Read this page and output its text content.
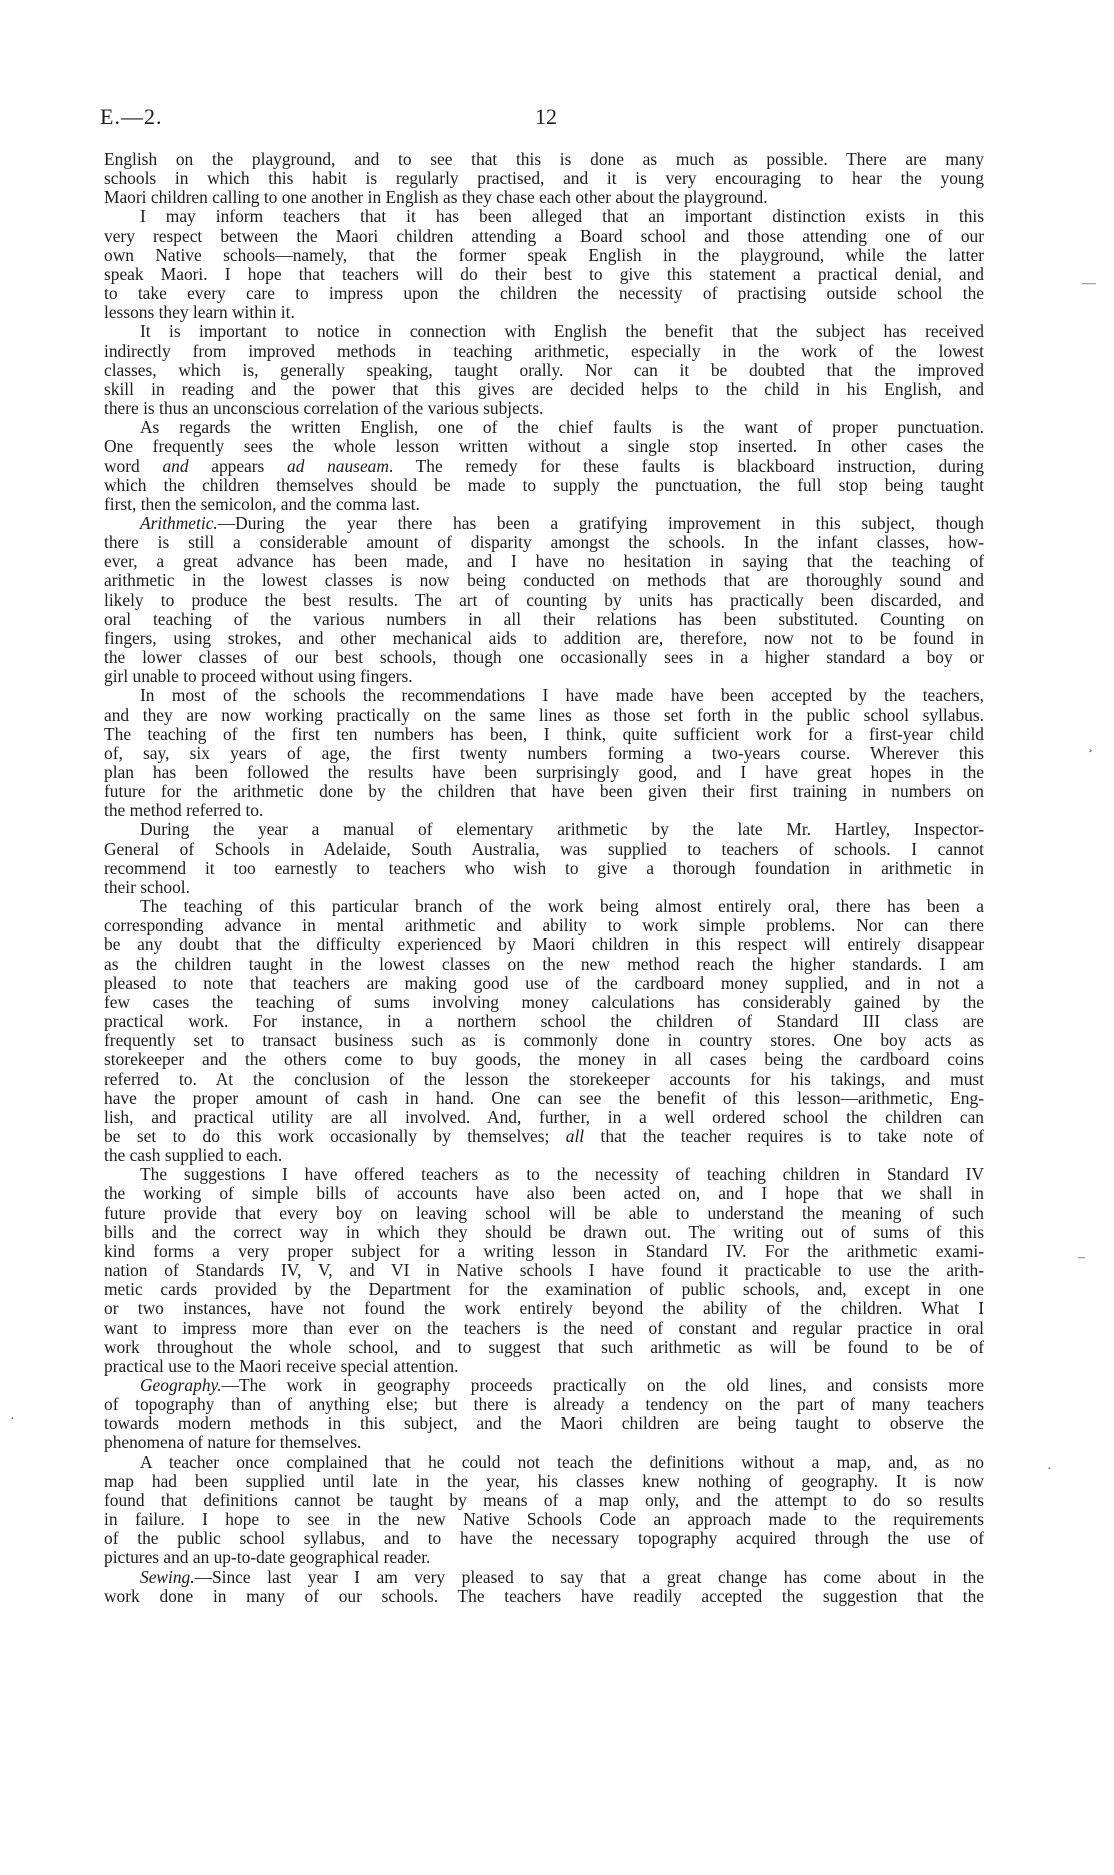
E.—2.	12
English on the playground, and to see that this is done as much as possible. There are many
schools in which this habit is regularly practised, and it is very encouraging to hear the young
Maori children calling to one another in English as they chase each other about the playground.
I may inform teachers that it has been alleged that an important distinction exists in this
very respect between the Maori children attending a Board school and those attending one of our
own Native schools—namely, that the former speak English in the playground, while the latter
speak Maori. I hope that teachers will do their best to give this statement a practical denial, and
to take every care to impress upon the children the necessity of practising outside school the
lessons they learn within it.
It is important to notice in connection with English the benefit that the subject has received
indirectly from improved methods in teaching arithmetic, especially in the work of the lowest
classes, which is, generally speaking, taught orally. Nor can it be doubted that the improved
skill in reading and the power that this gives are decided helps to the child in his English, and
there is thus an unconscious correlation of the various subjects.
As regards the written English, one of the chief faults is the want of proper punctuation.
One frequently sees the whole lesson written without a single stop inserted. In other cases the
word and appears ad nauseam. The remedy for these faults is blackboard instruction, during
which the children themselves should be made to supply the punctuation, the full stop being taught
first, then the semicolon, and the comma last.
Arithmetic.—During the year there has been a gratifying improvement in this subject, though
there is still a considerable amount of disparity amongst the schools. In the infant classes, how-
ever, a great advance has been made, and I have no hesitation in saying that the teaching of
arithmetic in the lowest classes is now being conducted on methods that are thoroughly sound and
likely to produce the best results. The art of counting by units has practically been discarded, and
oral teaching of the various numbers in all their relations has been substituted. Counting on
fingers, using strokes, and other mechanical aids to addition are, therefore, now not to be found in
the lower classes of our best schools, though one occasionally sees in a higher standard a boy or
girl unable to proceed without using fingers.
In most of the schools the recommendations I have made have been accepted by the teachers,
and they are now working practically on the same lines as those set forth in the public school syllabus.
The teaching of the first ten numbers has been, I think, quite sufficient work for a first-year child
of, say, six years of age, the first twenty numbers forming a two-years course. Wherever this
plan has been followed the results have been surprisingly good, and I have great hopes in the
future for the arithmetic done by the children that have been given their first training in numbers on
the method referred to.
During the year a manual of elementary arithmetic by the late Mr. Hartley, Inspector-
General of Schools in Adelaide, South Australia, was supplied to teachers of schools. I cannot
recommend it too earnestly to teachers who wish to give a thorough foundation in arithmetic in
their school.
The teaching of this particular branch of the work being almost entirely oral, there has been a
corresponding advance in mental arithmetic and ability to work simple problems. Nor can there
be any doubt that the difficulty experienced by Maori children in this respect will entirely disappear
as the children taught in the lowest classes on the new method reach the higher standards. I am
pleased to note that teachers are making good use of the cardboard money supplied, and in not a
few cases the teaching of sums involving money calculations has considerably gained by the
practical work. For instance, in a northern school the children of Standard III class are
frequently set to transact business such as is commonly done in country stores. One boy acts as
storekeeper and the others come to buy goods, the money in all cases being the cardboard coins
referred to. At the conclusion of the lesson the storekeeper accounts for his takings, and must
have the proper amount of cash in hand. One can see the benefit of this lesson—arithmetic, Eng-
lish, and practical utility are all involved. And, further, in a well ordered school the children can
be set to do this work occasionally by themselves; all that the teacher requires is to take note of
the cash supplied to each.
The suggestions I have offered teachers as to the necessity of teaching children in Standard IV
the working of simple bills of accounts have also been acted on, and I hope that we shall in
future provide that every boy on leaving school will be able to understand the meaning of such
bills and the correct way in which they should be drawn out. The writing out of sums of this
kind forms a very proper subject for a writing lesson in Standard IV. For the arithmetic exami-
nation of Standards IV, V, and VI in Native schools I have found it practicable to use the arith-
metic cards provided by the Department for the examination of public schools, and, except in one
or two instances, have not found the work entirely beyond the ability of the children. What I
want to impress more than ever on the teachers is the need of constant and regular practice in oral
work throughout the whole school, and to suggest that such arithmetic as will be found to be of
practical use to the Maori receive special attention.
Geography.—The work in geography proceeds practically on the old lines, and consists more
of topography than of anything else; but there is already a tendency on the part of many teachers
towards modern methods in this subject, and the Maori children are being taught to observe the
phenomena of nature for themselves.
A teacher once complained that he could not teach the definitions without a map, and, as no
map had been supplied until late in the year, his classes knew nothing of geography. It is now
found that definitions cannot be taught by means of a map only, and the attempt to do so results
in failure. I hope to see in the new Native Schools Code an approach made to the requirements
of the public school syllabus, and to have the necessary topography acquired through the use of
pictures and an up-to-date geographical reader.
Sewing.—Since last year I am very pleased to say that a great change has come about in the
work done in many of our schools. The teachers have readily accepted the suggestion that the
—
¸
–
·
·
